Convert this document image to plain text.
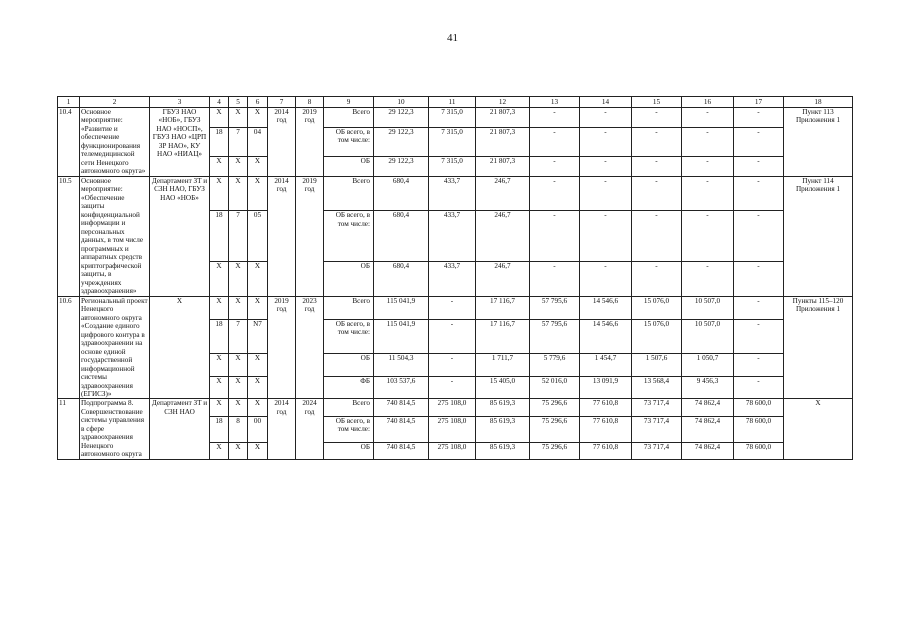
41
1	2	3	4	5	6	7	8	9	10	11	12	13	14	15	16	17	18
10.4	Основное мероприятие: «Развитие и обеспечение функционирования телемедицинской сети Ненецкого автономного округа»	ГБУЗ НАО «НОБ», ГБУЗ НАО «НОСП», ГБУЗ НАО «ЦРП ЗР НАО», КУ НАО «НИАЦ»	Х	Х	Х	2014 год	2019 год	Всего	29 122,3	7 315,0	21 807,3	-	-	-	-	-	Пункт 113 Приложения 1
			18	7	04			ОБ всего, в том числе:	29 122,3	7 315,0	21 807,3	-	-	-	-	-	
			Х	Х	Х			ОБ	29 122,3	7 315,0	21 807,3	-	-	-	-	-	
10.5	Основное мероприятие: «Обеспечение защиты конфиденциальной информации и персональных данных, в том числе программных и аппаратных средств криптографической защиты, в учреждениях здравоохранения»	Департамент ЗТ и СЗН НАО, ГБУЗ НАО «НОБ»	Х	Х	Х	2014 год	2019 год	Всего	680,4	433,7	246,7	-	-	-	-	-	Пункт 114 Приложения 1
			18	7	05			ОБ всего, в том числе:	680,4	433,7	246,7	-	-	-	-	-	
			Х	Х	Х			ОБ	680,4	433,7	246,7	-	-	-	-	-	
10.6	Региональный проект Ненецкого автономного округа «Создание единого цифрового контура в здравоохранении на основе единой государственной информационной системы здравоохранения (ЕГИСЗ)»	Х	Х	Х	Х	2019 год	2023 год	Всего	115 041,9	-	17 116,7	57 795,6	14 546,6	15 076,0	10 507,0	-	Пункты 115–120 Приложения 1
			18	7	N7			ОБ всего, в том числе:	115 041,9	-	17 116,7	57 795,6	14 546,6	15 076,0	10 507,0	-	
			Х	Х	Х			ОБ	11 504,3	-	1 711,7	5 779,6	1 454,7	1 507,6	1 050,7	-	
			Х	Х	Х			ФБ	103 537,6	-	15 405,0	52 016,0	13 091,9	13 568,4	9 456,3	-	
11	Подпрограмма 8. Совершенствование системы управления в сфере здравоохранения Ненецкого автономного округа	Департамент ЗТ и СЗН НАО	Х	Х	Х	2014 год	2024 год	Всего	740 814,5	275 108,0	85 619,3	75 296,6	77 610,8	73 717,4	74 862,4	78 600,0	Х
			18	8	00			ОБ всего, в том числе:	740 814,5	275 108,0	85 619,3	75 296,6	77 610,8	73 717,4	74 862,4	78 600,0	
			Х	Х	Х			ОБ	740 814,5	275 108,0	85 619,3	75 296,6	77 610,8	73 717,4	74 862,4	78 600,0	
